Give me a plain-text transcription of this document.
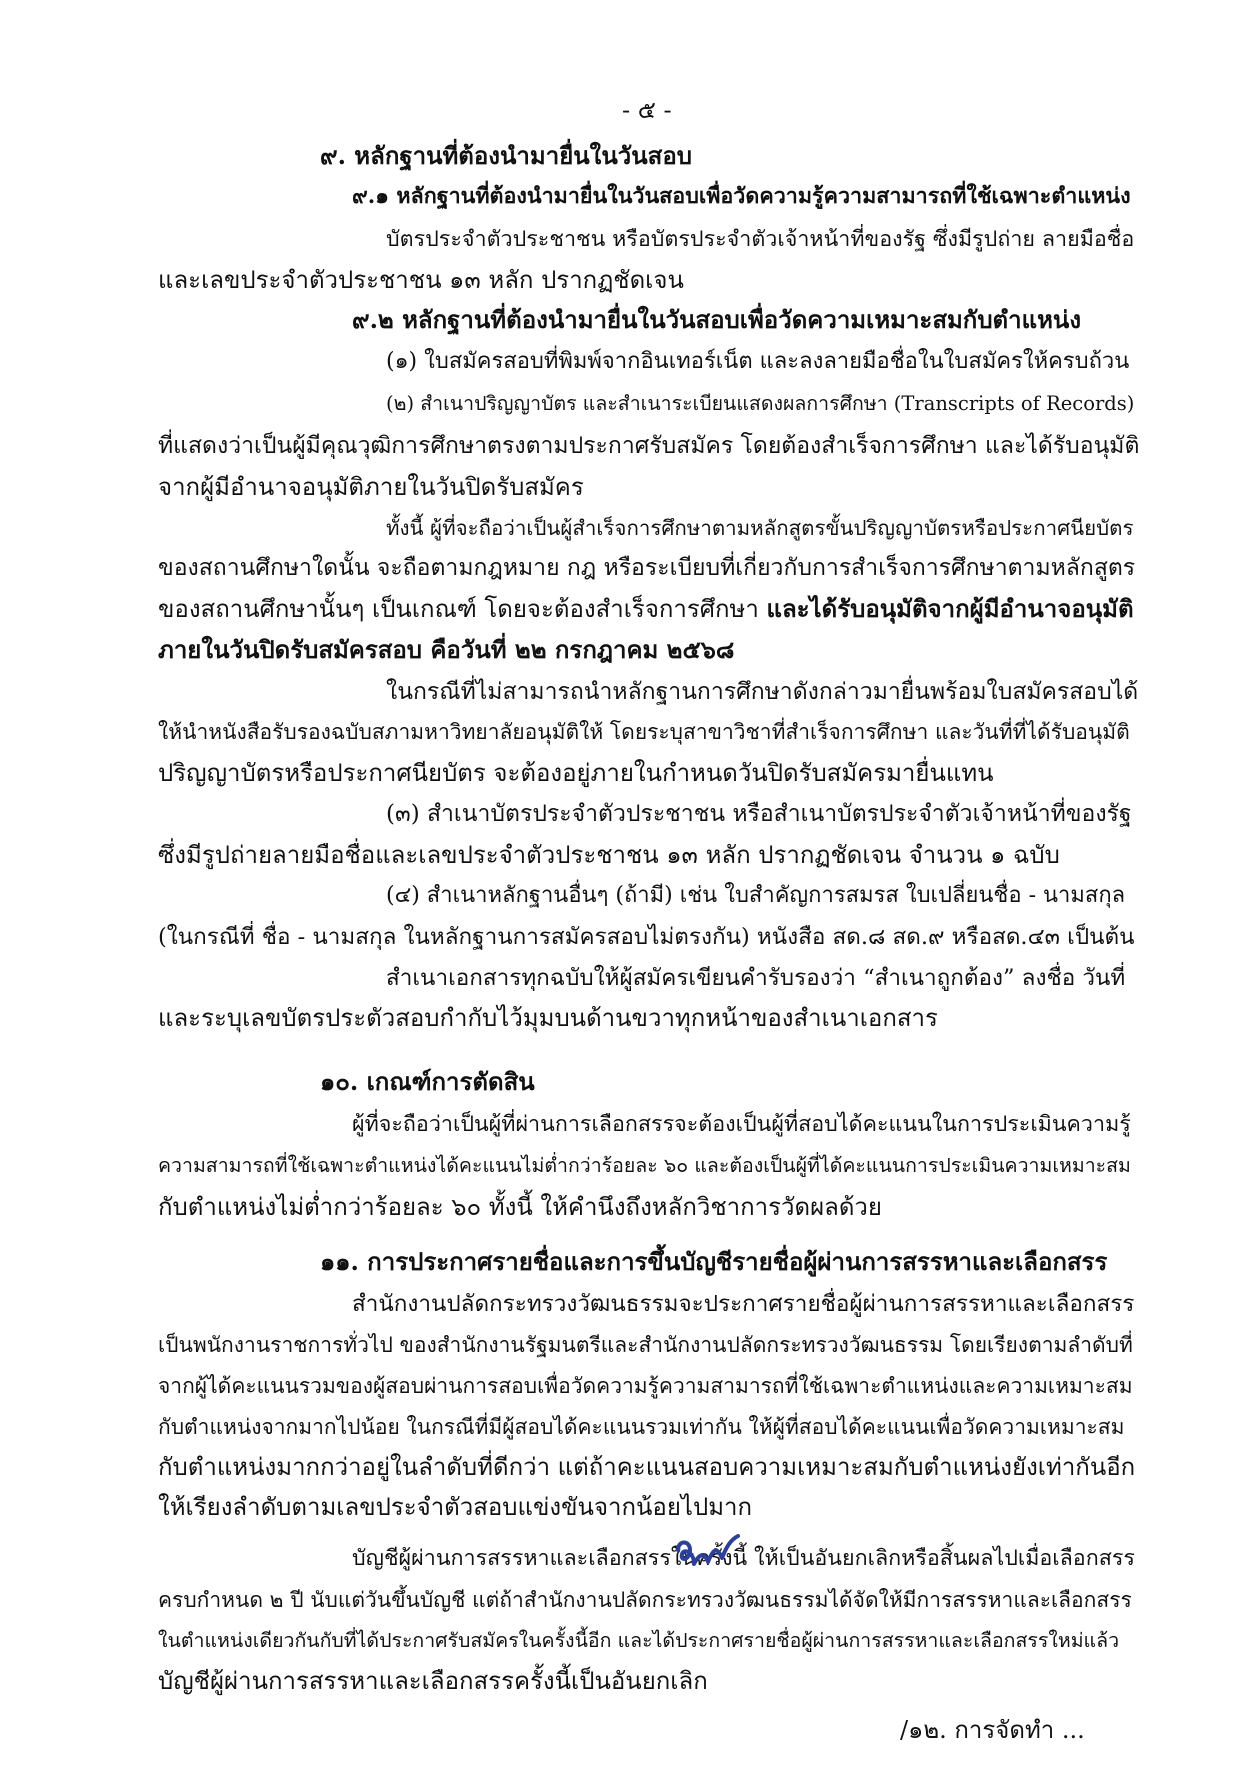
- ๕ -
๙. หลักฐานที่ต้องนำมายื่นในวันสอบ
๙.๑ หลักฐานที่ต้องนำมายื่นในวันสอบเพื่อวัดความรู้ความสามารถที่ใช้เฉพาะตำแหน่ง
บัตรประจำตัวประชาชน หรือบัตรประจำตัวเจ้าหน้าที่ของรัฐ ซึ่งมีรูปถ่าย ลายมือชื่อ
และเลขประจำตัวประชาชน ๑๓ หลัก ปรากฏชัดเจน
๙.๒ หลักฐานที่ต้องนำมายื่นในวันสอบเพื่อวัดความเหมาะสมกับตำแหน่ง
(๑) ใบสมัครสอบที่พิมพ์จากอินเทอร์เน็ต และลงลายมือชื่อในใบสมัครให้ครบถ้วน
(๒) สำเนาปริญญาบัตร และสำเนาระเบียนแสดงผลการศึกษา (Transcripts of Records)
ที่แสดงว่าเป็นผู้มีคุณวุฒิการศึกษาตรงตามประกาศรับสมัคร โดยต้องสำเร็จการศึกษา และได้รับอนุมัติ
จากผู้มีอำนาจอนุมัติภายในวันปิดรับสมัคร
ทั้งนี้ ผู้ที่จะถือว่าเป็นผู้สำเร็จการศึกษาตามหลักสูตรขั้นปริญญาบัตรหรือประกาศนียบัตร
ของสถานศึกษาใดนั้น จะถือตามกฎหมาย กฎ หรือระเบียบที่เกี่ยวกับการสำเร็จการศึกษาตามหลักสูตร
ของสถานศึกษานั้นๆ เป็นเกณฑ์ โดยจะต้องสำเร็จการศึกษา และได้รับอนุมัติจากผู้มีอำนาจอนุมัติ
ภายในวันปิดรับสมัครสอบ คือวันที่ ๒๒ กรกฎาคม ๒๕๖๘
ในกรณีที่ไม่สามารถนำหลักฐานการศึกษาดังกล่าวมายื่นพร้อมใบสมัครสอบได้
ให้นำหนังสือรับรองฉบับสภามหาวิทยาลัยอนุมัติให้ โดยระบุสาขาวิชาที่สำเร็จการศึกษา และวันที่ที่ได้รับอนุมัติ
ปริญญาบัตรหรือประกาศนียบัตร จะต้องอยู่ภายในกำหนดวันปิดรับสมัครมายื่นแทน
(๓) สำเนาบัตรประจำตัวประชาชน หรือสำเนาบัตรประจำตัวเจ้าหน้าที่ของรัฐ
ซึ่งมีรูปถ่ายลายมือชื่อและเลขประจำตัวประชาชน ๑๓ หลัก ปรากฏชัดเจน จำนวน ๑ ฉบับ
(๔) สำเนาหลักฐานอื่นๆ (ถ้ามี) เช่น ใบสำคัญการสมรส ใบเปลี่ยนชื่อ - นามสกุล
(ในกรณีที่ ชื่อ - นามสกุล ในหลักฐานการสมัครสอบไม่ตรงกัน) หนังสือ สด.๘ สด.๙ หรือสด.๔๓ เป็นต้น
สำเนาเอกสารทุกฉบับให้ผู้สมัครเขียนคำรับรองว่า “สำเนาถูกต้อง” ลงชื่อ วันที่
และระบุเลขบัตรประตัวสอบกำกับไว้มุมบนด้านขวาทุกหน้าของสำเนาเอกสาร
๑๐. เกณฑ์การตัดสิน
ผู้ที่จะถือว่าเป็นผู้ที่ผ่านการเลือกสรรจะต้องเป็นผู้ที่สอบได้คะแนนในการประเมินความรู้
ความสามารถที่ใช้เฉพาะตำแหน่งได้คะแนนไม่ต่ำกว่าร้อยละ ๖๐ และต้องเป็นผู้ที่ได้คะแนนการประเมินความเหมาะสม
กับตำแหน่งไม่ต่ำกว่าร้อยละ ๖๐ ทั้งนี้ ให้คำนึงถึงหลักวิชาการวัดผลด้วย
๑๑. การประกาศรายชื่อและการขึ้นบัญชีรายชื่อผู้ผ่านการสรรหาและเลือกสรร
สำนักงานปลัดกระทรวงวัฒนธรรมจะประกาศรายชื่อผู้ผ่านการสรรหาและเลือกสรร
เป็นพนักงานราชการทั่วไป ของสำนักงานรัฐมนตรีและสำนักงานปลัดกระทรวงวัฒนธรรม โดยเรียงตามลำดับที่
จากผู้ได้คะแนนรวมของผู้สอบผ่านการสอบเพื่อวัดความรู้ความสามารถที่ใช้เฉพาะตำแหน่งและความเหมาะสม
กับตำแหน่งจากมากไปน้อย ในกรณีที่มีผู้สอบได้คะแนนรวมเท่ากัน ให้ผู้ที่สอบได้คะแนนเพื่อวัดความเหมาะสม
กับตำแหน่งมากกว่าอยู่ในลำดับที่ดีกว่า แต่ถ้าคะแนนสอบความเหมาะสมกับตำแหน่งยังเท่ากันอีก
ให้เรียงลำดับตามเลขประจำตัวสอบแข่งขันจากน้อยไปมาก
บัญชีผู้ผ่านการสรรหาและเลือกสรรในครั้งนี้ ให้เป็นอันยกเลิกหรือสิ้นผลไปเมื่อเลือกสรร
ครบกำหนด ๒ ปี นับแต่วันขึ้นบัญชี แต่ถ้าสำนักงานปลัดกระทรวงวัฒนธรรมได้จัดให้มีการสรรหาและเลือกสรร
ในตำแหน่งเดียวกันกับที่ได้ประกาศรับสมัครในครั้งนี้อีก และได้ประกาศรายชื่อผู้ผ่านการสรรหาและเลือกสรรใหม่แล้ว
บัญชีผู้ผ่านการสรรหาและเลือกสรรครั้งนี้เป็นอันยกเลิก
/๑๒. การจัดทำ ...
